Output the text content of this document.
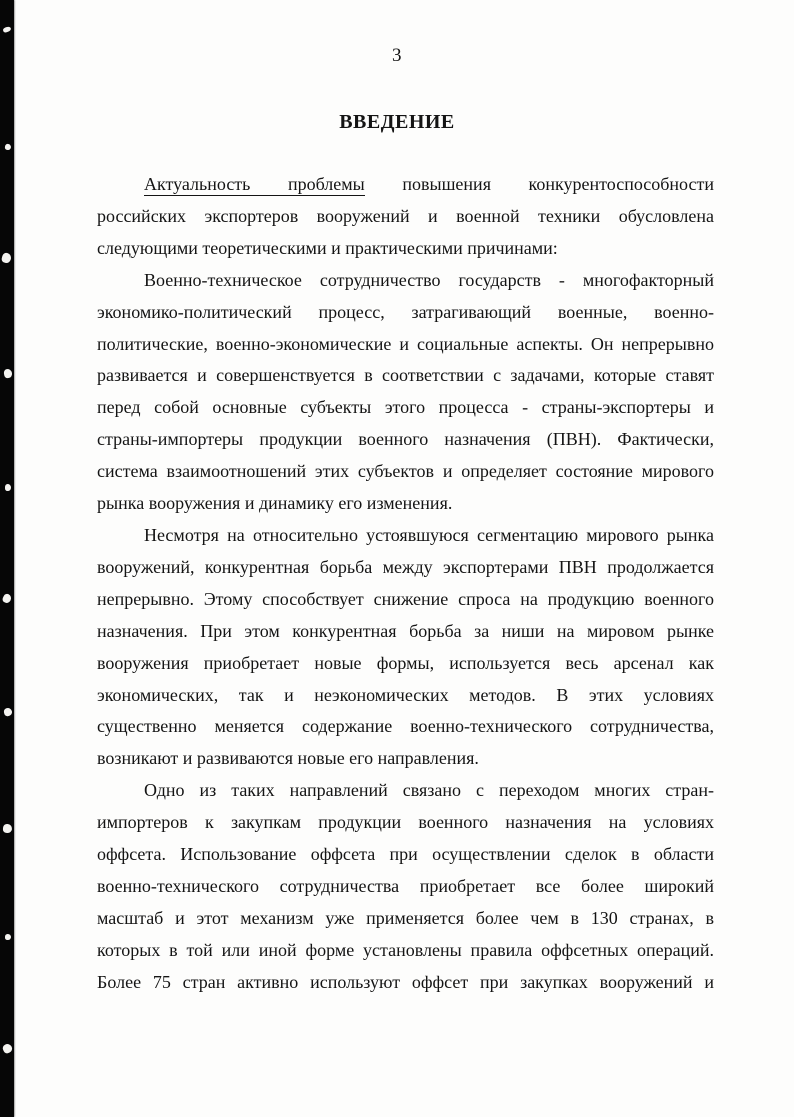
3
ВВЕДЕНИЕ
Актуальность проблемы повышения конкурентоспособности
российских экспортеров вооружений и военной техники обусловлена
следующими теоретическими и практическими причинами:
Военно-техническое сотрудничество государств - многофакторный
экономико-политический процесс, затрагивающий военные, военно-
политические, военно-экономические и социальные аспекты. Он непрерывно
развивается и совершенствуется в соответствии с задачами, которые ставят
перед собой основные субъекты этого процесса - страны-экспортеры и
страны-импортеры продукции военного назначения (ПВН). Фактически,
система взаимоотношений этих субъектов и определяет состояние мирового
рынка вооружения и динамику его изменения.
Несмотря на относительно устоявшуюся сегментацию мирового рынка
вооружений, конкурентная борьба между экспортерами ПВН продолжается
непрерывно. Этому способствует снижение спроса на продукцию военного
назначения. При этом конкурентная борьба за ниши на мировом рынке
вооружения приобретает новые формы, используется весь арсенал как
экономических, так и неэкономических методов. В этих условиях
существенно меняется содержание военно-технического сотрудничества,
возникают и развиваются новые его направления.
Одно из таких направлений связано с переходом многих стран-
импортеров к закупкам продукции военного назначения на условиях
оффсета. Использование оффсета при осуществлении сделок в области
военно-технического сотрудничества приобретает все более широкий
масштаб и этот механизм уже применяется более чем в 130 странах, в
которых в той или иной форме установлены правила оффсетных операций.
Более 75 стран активно используют оффсет при закупках вооружений и
